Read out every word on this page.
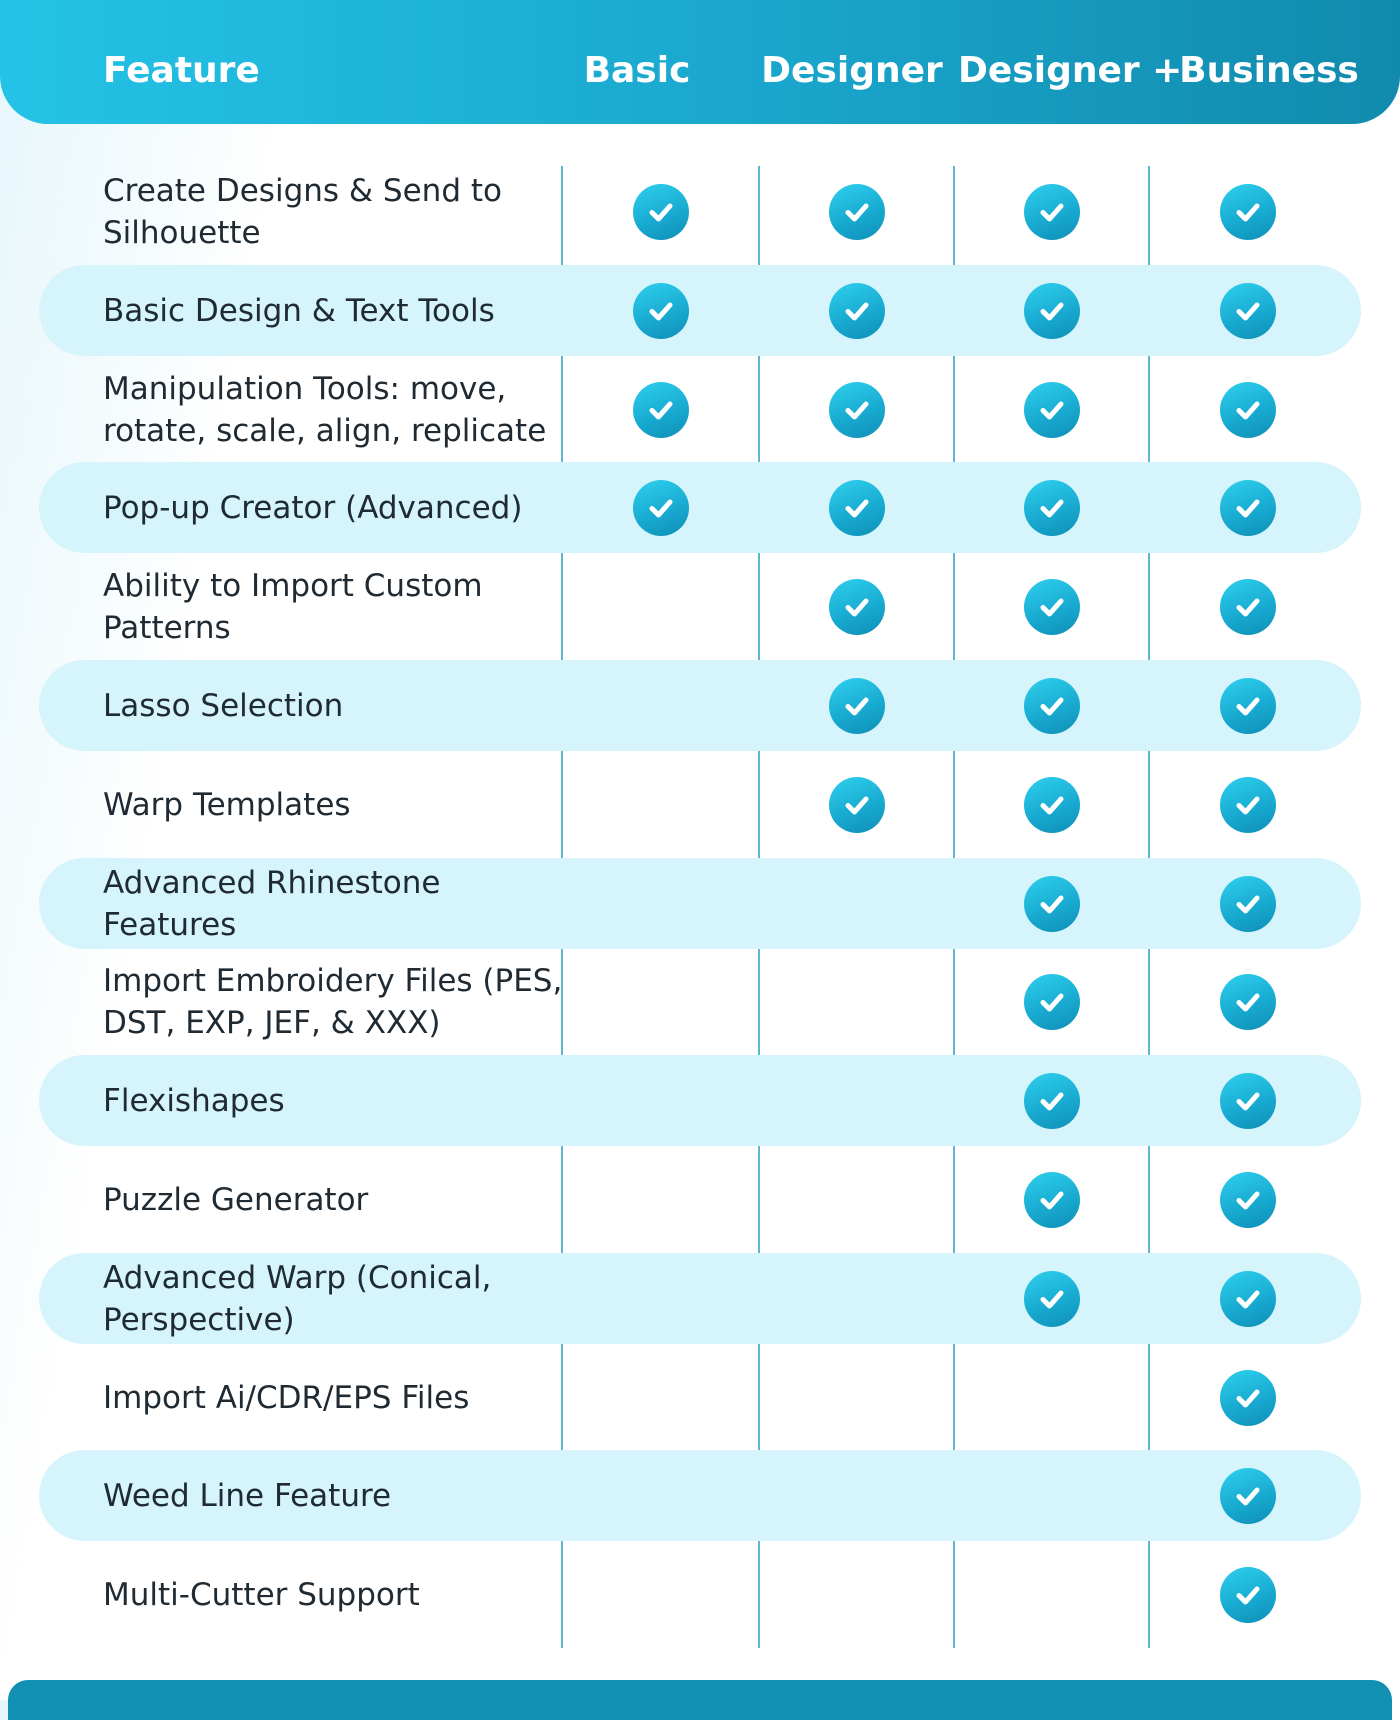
Feature	Basic	Designer Designer +
Business
Create Designs & Send to Silhouette
Basic Design & Text Tools
Manipulation Tools: move, rotate, scale, align, replicate
Pop-up Creator (Advanced)
Ability to Import Custom Patterns
Lasso Selection
Warp Templates
Advanced Rhinestone Features
Import Embroidery Files (PES, DST, EXP, JEF, & XXX)
Flexishapes
Puzzle Generator
Advanced Warp (Conical, Perspective)
Import Ai/CDR/EPS Files
Weed Line Feature
Multi-Cutter Support
